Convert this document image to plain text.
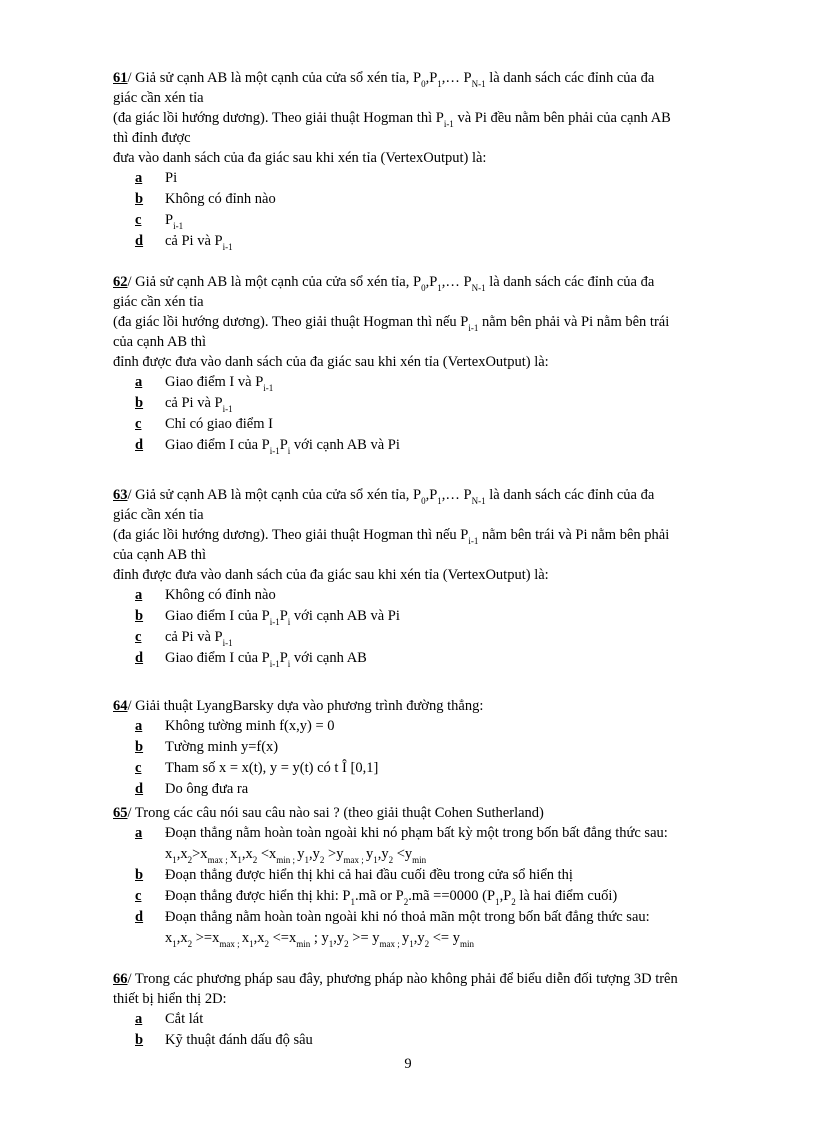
61/ Giả sử cạnh AB là một cạnh của cửa sổ xén tỉa, $P_0,P_1,\dots$ $P_{N-1}$ là danh sách các đỉnh của đa
giác cần xén tỉa
(đa giác lồi hướng dương). Theo giải thuật Hogman thì $P_{i-1}$ và Pi đều nằm bên phải của cạnh AB
thì đỉnh được
đưa vào danh sách của đa giác sau khi xén tỉa (VertexOutput) là:
a Pi
b Không có đỉnh nào
c $P_{i-1}$
d cả Pi và $P_{i-1}$
62/ Giả sử cạnh AB là một cạnh của cửa sổ xén tỉa, $P_0,P_1,\dots$ $P_{N-1}$ là danh sách các đỉnh của đa
giác cần xén tỉa
(đa giác lồi hướng dương). Theo giải thuật Hogman thì nếu $P_{i-1}$ nằm bên phải và Pi nằm bên trái
của cạnh AB thì
đỉnh được đưa vào danh sách của đa giác sau khi xén tỉa (VertexOutput) là:
a Giao điểm I và $P_{i-1}$
b cả Pi và $P_{i-1}$
c Chỉ có giao điểm I
d Giao điểm I của $P_{i-1}P_i$ với cạnh AB và Pi
63/ Giả sử cạnh AB là một cạnh của cửa sổ xén tỉa, $P_0,P_1,\dots$ $P_{N-1}$ là danh sách các đỉnh của đa
giác cần xén tỉa
(đa giác lồi hướng dương). Theo giải thuật Hogman thì nếu $P_{i-1}$ nằm bên trái và Pi nằm bên phải
của cạnh AB thì
đỉnh được đưa vào danh sách của đa giác sau khi xén tỉa (VertexOutput) là:
a Không có đỉnh nào
b Giao điểm I của $P_{i-1}P_i$ với cạnh AB và Pi
c cả Pi và $P_{i-1}$
d Giao điểm I của $P_{i-1}P_i$ với cạnh AB
64/ Giải thuật LyangBarsky dựa vào phương trình đường thẳng:
a Không tường minh f(x,y) = 0
b Tường minh y=f(x)
c Tham số x = x(t), y = y(t) có t Î [0,1]
d Do ông đưa ra
65/ Trong các câu nói sau câu nào sai ? (theo giải thuật Cohen Sutherland)
a Đoạn thẳng nằm hoàn toàn ngoài khi nó phạm bất kỳ một trong bốn bất đẳng thức sau:
$x_1,x_2>x_{max ;}$ $x_1,x_2 <x_{min ;}$ $y_1,y_2 >y_{max ;}$ $y_1,y_2 <y_{min}$
b Đoạn thẳng được hiển thị khi cả hai đầu cuối đều trong cửa sổ hiển thị
c Đoạn thẳng được hiển thị khi: $P_1.mã$ or $P_2.mã ==0000$ ($P_1,P_2$ là hai điểm cuối)
d Đoạn thẳng nằm hoàn toàn ngoài khi nó thoả mãn một trong bốn bất đẳng thức sau:
$x_1,x_2 >=x_{max ;}$ $x_1,x_2 <=x_{min}$ ; $y_1,y_2 >= y_{max ;}$ $y_1,y_2 <= y_{min}$
66/ Trong các phương pháp sau đây, phương pháp nào không phải để biểu diễn đối tượng 3D trên
thiết bị hiển thị 2D:
a Cắt lát
b Kỹ thuật đánh dấu độ sâu
9
